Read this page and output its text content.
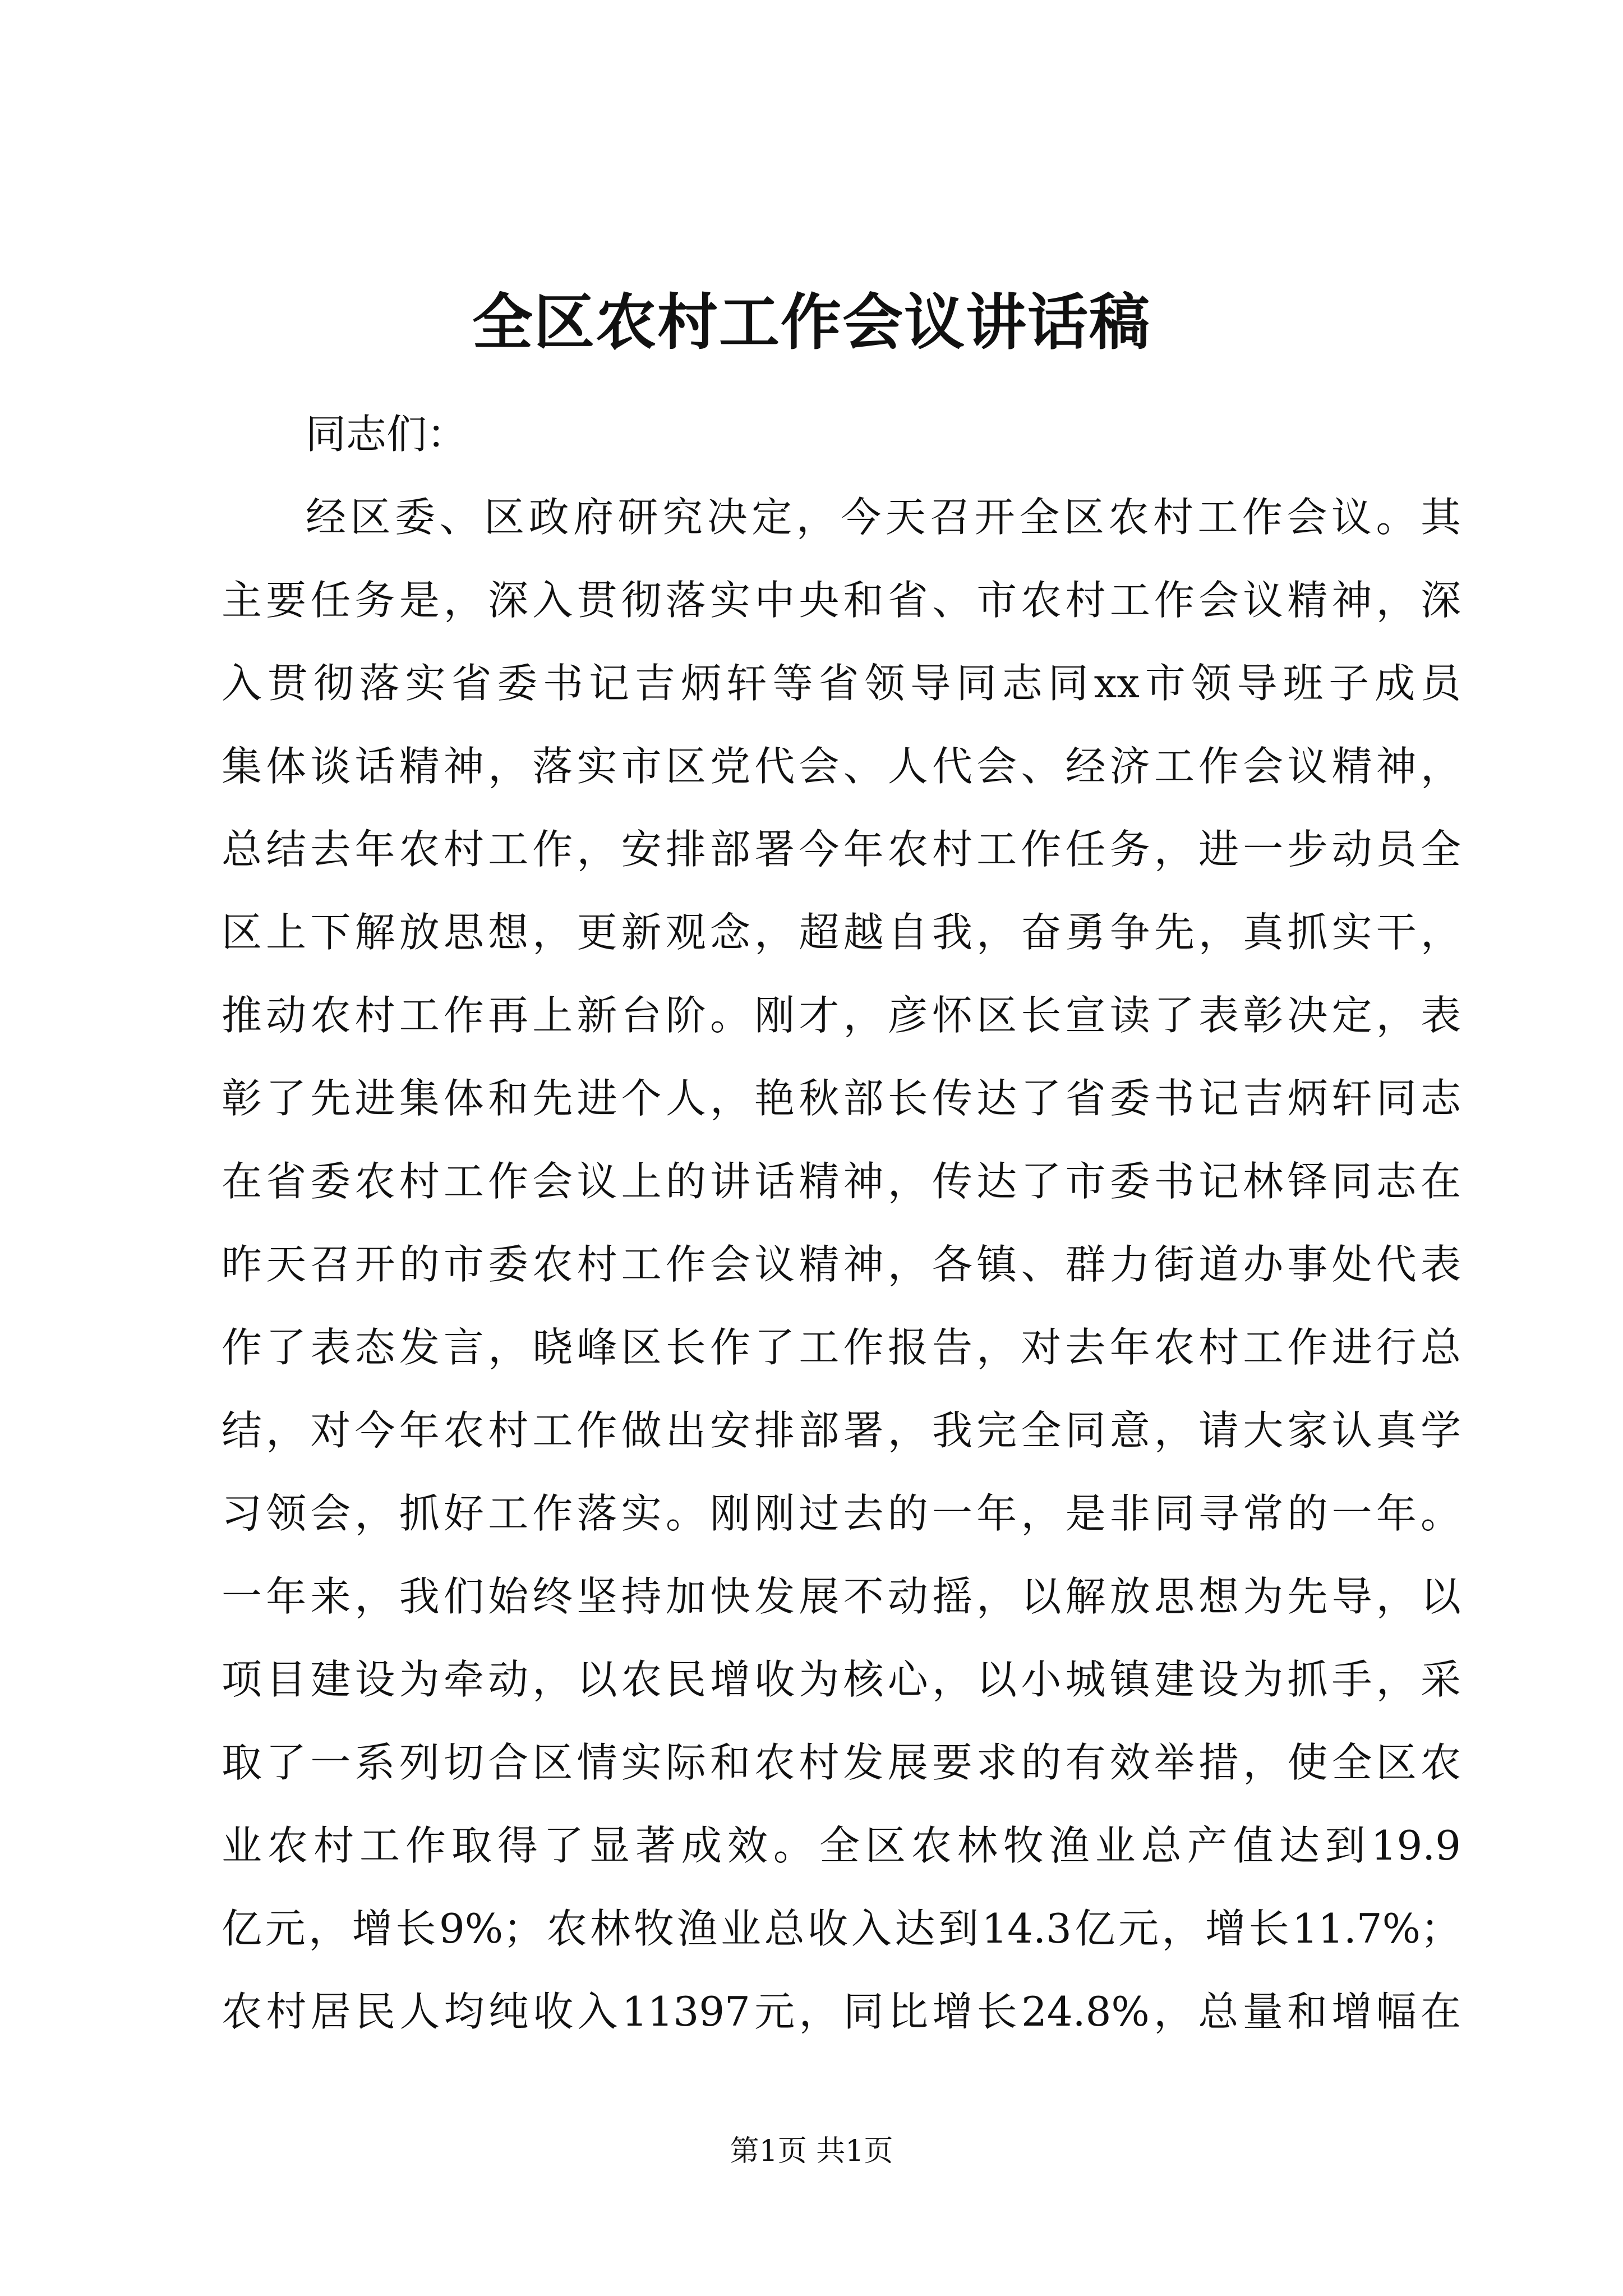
全区农村工作会议讲话稿

同志们：

经区委、区政府研究决定，今天召开全区农村工作会议。其

主要任务是，深入贯彻落实中央和省、市农村工作会议精神，深

入贯彻落实省委书记吉炳轩等省领导同志同xx市领导班子成员

集体谈话精神，落实市区党代会、人代会、经济工作会议精神，

总结去年农村工作，安排部署今年农村工作任务，进一步动员全

区上下解放思想，更新观念，超越自我，奋勇争先，真抓实干，

推动农村工作再上新台阶。刚才，彦怀区长宣读了表彰决定，表

彰了先进集体和先进个人，艳秋部长传达了省委书记吉炳轩同志

在省委农村工作会议上的讲话精神，传达了市委书记林铎同志在

昨天召开的市委农村工作会议精神，各镇、群力街道办事处代表

作了表态发言，晓峰区长作了工作报告，对去年农村工作进行总

结，对今年农村工作做出安排部署，我完全同意，请大家认真学

习领会，抓好工作落实。刚刚过去的一年，是非同寻常的一年。

一年来，我们始终坚持加快发展不动摇，以解放思想为先导，以

项目建设为牵动，以农民增收为核心，以小城镇建设为抓手，采

取了一系列切合区情实际和农村发展要求的有效举措，使全区农

业农村工作取得了显著成效。全区农林牧渔业总产值达到19.9

亿元，增长9%；农林牧渔业总收入达到14.3亿元，增长11.7%；

农村居民人均纯收入11397元，同比增长24.8%，总量和增幅在

第1页 共1页
